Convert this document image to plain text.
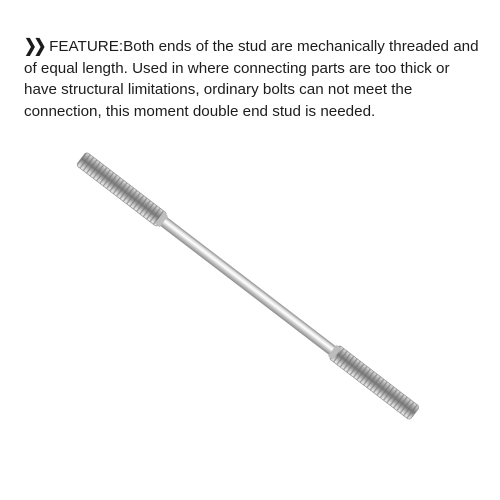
❯❯ FEATURE:Both ends of the stud are mechanically threaded and of equal length. Used in where connecting parts are too thick or have structural limitations, ordinary bolts can not meet the connection, this moment double end stud is needed.
